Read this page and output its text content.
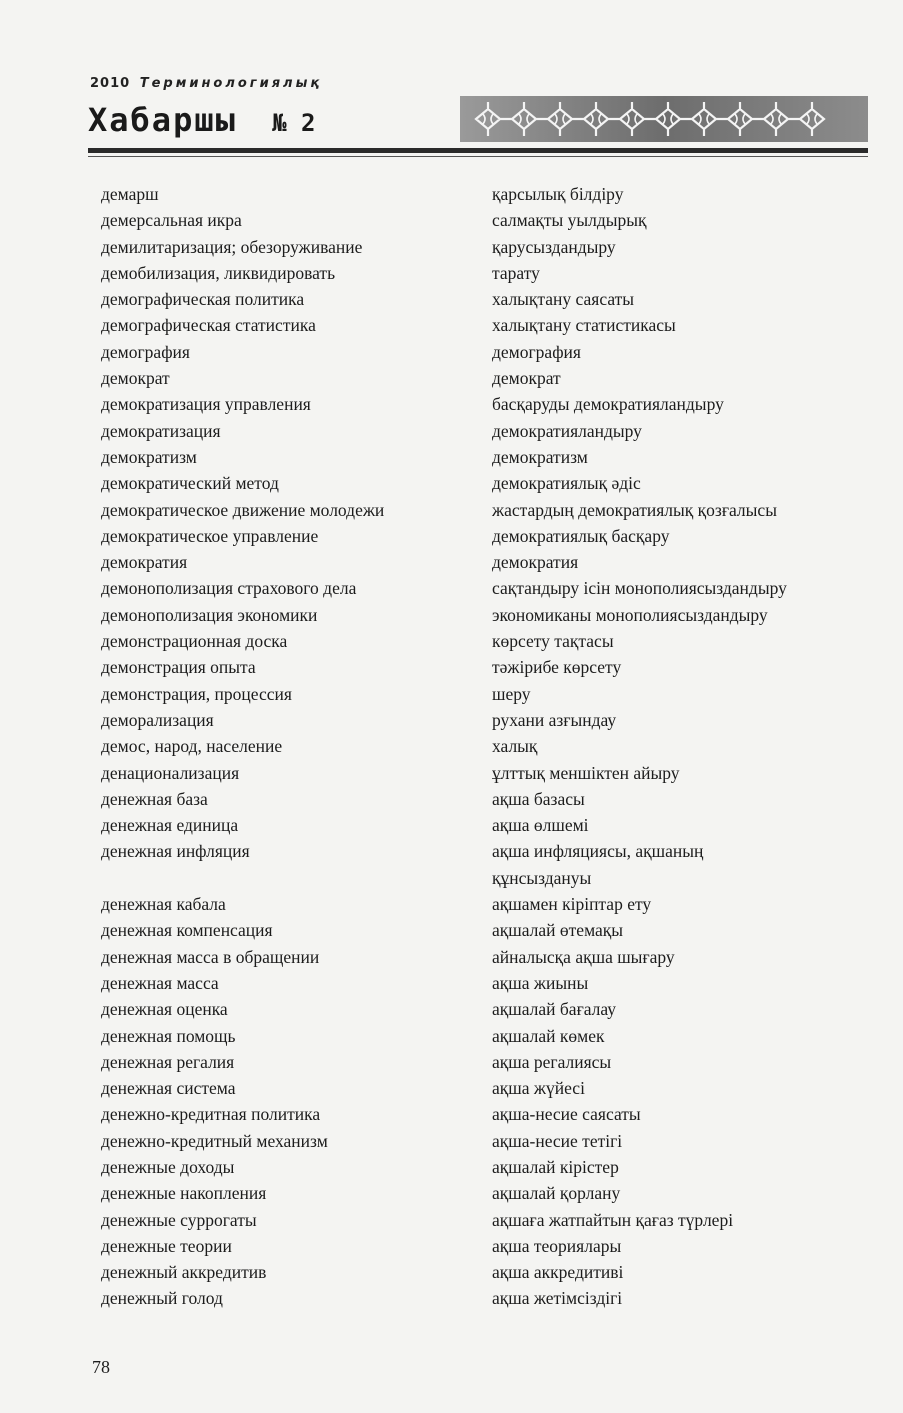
2010 Терминологиялық
Хабаршы № 2
демарш	қарсылық білдіру
демерсальная икра	салмақты уылдырық
демилитаризация; обезоруживание	қарусыздандыру
демобилизация, ликвидировать	тарату
демографическая политика	халықтану саясаты
демографическая статистика	халықтану статистикасы
демография	демография
демократ	демократ
демократизация управления	басқаруды демократияландыру
демократизация	демократияландыру
демократизм	демократизм
демократический метод	демократиялық әдіс
демократическое движение молодежи	жастардың демократиялық қозғалысы
демократическое управление	демократиялық басқару
демократия	демократия
демонополизация страхового дела	сақтандыру ісін монополиясыздандыру
демонополизация экономики	экономиканы монополиясыздандыру
демонстрационная доска	көрсету тақтасы
демонстрация опыта	тәжірибе көрсету
демонстрация, процессия	шеру
деморализация	рухани азғындау
демос, народ, население	халық
денационализация	ұлттық меншіктен айыру
денежная база	ақша базасы
денежная единица	ақша өлшемі
денежная инфляция	ақша инфляциясы, ақшаның құнсыздануы
денежная кабала	ақшамен кіріптар ету
денежная компенсация	ақшалай өтемақы
денежная масса в обращении	айналысқа ақша шығару
денежная масса	ақша жиыны
денежная оценка	ақшалай бағалау
денежная помощь	ақшалай көмек
денежная регалия	ақша регалиясы
денежная система	ақша жүйесі
денежно-кредитная политика	ақша-несие саясаты
денежно-кредитный механизм	ақша-несие тетігі
денежные доходы	ақшалай кірістер
денежные накопления	ақшалай қорлану
денежные суррогаты	ақшаға жатпайтын қағаз түрлері
денежные теории	ақша теориялары
денежный аккредитив	ақша аккредитиві
денежный голод	ақша жетімсіздігі
78
